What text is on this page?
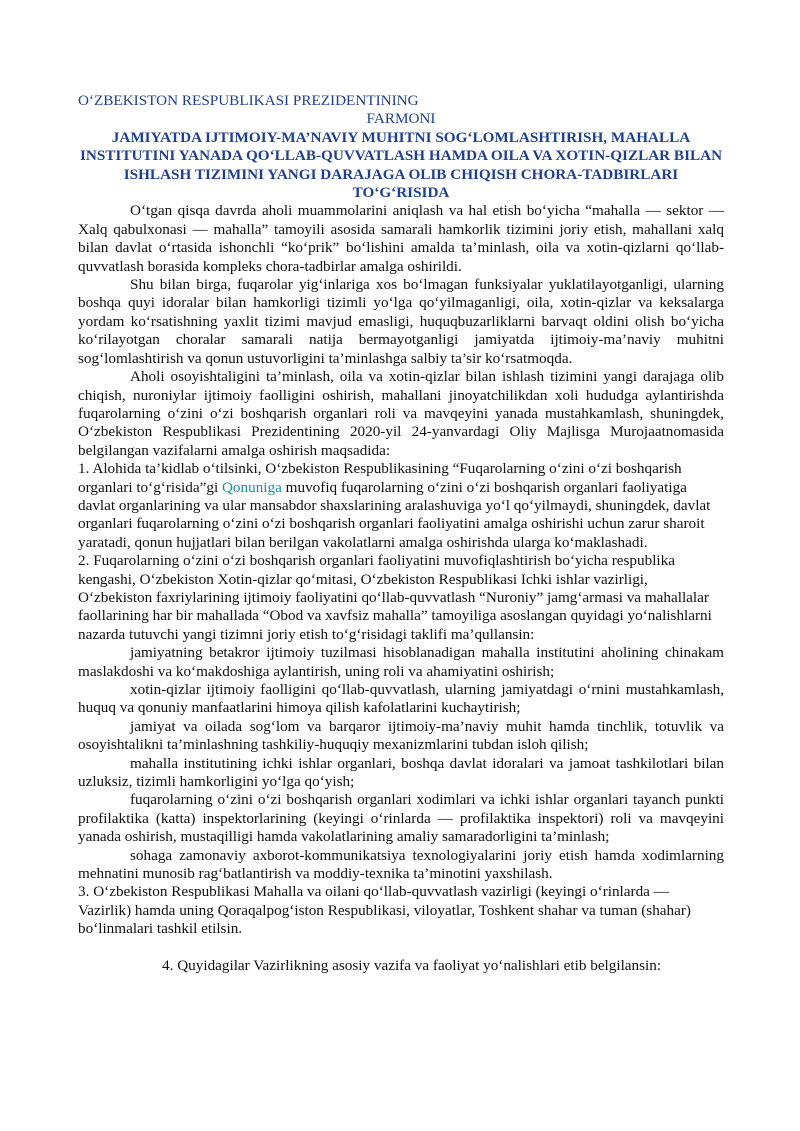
O‘ZBEKISTON RESPUBLIKASI PREZIDENTINING
FARMONI
JAMIYATDA IJTIMOIY-MA’NAVIY MUHITNI SOG‘LOMLASHTIRISH, MAHALLA INSTITUTINI YANADA QO‘LLAB-QUVVATLASH HAMDA OILA VA XOTIN-QIZLAR BILAN ISHLASH TIZIMINI YANGI DARAJAGA OLIB CHIQISH CHORA-TADBIRLARI TO‘G‘RISIDA

O‘tgan qisqa davrda aholi muammolarini aniqlash va hal etish bo‘yicha “mahalla — sektor — Xalq qabulxonasi — mahalla” tamoyili asosida samarali hamkorlik tizimini joriy etish, mahallani xalq bilan davlat o‘rtasida ishonchli “ko‘prik” bo‘lishini amalda ta’minlash, oila va xotin-qizlarni qo‘llab-quvvatlash borasida kompleks chora-tadbirlar amalga oshirildi.

Shu bilan birga, fuqarolar yig‘inlariga xos bo‘lmagan funksiyalar yuklatilayotganligi, ularning boshqa quyi idoralar bilan hamkorligi tizimli yo‘lga qo‘yilmaganligi, oila, xotin-qizlar va keksalarga yordam ko‘rsatishning yaxlit tizimi mavjud emasligi, huquqbuzarliklarni barvaqt oldini olish bo‘yicha ko‘rilayotgan choralar samarali natija bermayotganligi jamiyatda ijtimoiy-ma’naviy muhitni sog‘lomlashtirish va qonun ustuvorligini ta’minlashga salbiy ta’sir ko‘rsatmoqda.

Aholi osoyishtaligini ta’minlash, oila va xotin-qizlar bilan ishlash tizimini yangi darajaga olib chiqish, nuroniylar ijtimoiy faolligini oshirish, mahallani jinoyatchilikdan xoli hududga aylantirishda fuqarolarning o‘zini o‘zi boshqarish organlari roli va mavqeyini yanada mustahkamlash, shuningdek, O‘zbekiston Respublikasi Prezidentining 2020-yil 24-yanvardagi Oliy Majlisga Murojaatnomasida belgilangan vazifalarni amalga oshirish maqsadida:

1. Alohida ta’kidlab o‘tilsinki, O‘zbekiston Respublikasining “Fuqarolarning o‘zini o‘zi boshqarish organlari to‘g‘risida”gi Qonuniga muvofiq fuqarolarning o‘zini o‘zi boshqarish organlari faoliyatiga davlat organlarining va ular mansabdor shaxslarining aralashuviga yo‘l qo‘yilmaydi, shuningdek, davlat organlari fuqarolarning o‘zini o‘zi boshqarish organlari faoliyatini amalga oshirishi uchun zarur sharoit yaratadi, qonun hujjatlari bilan berilgan vakolatlarni amalga oshirishda ularga ko‘maklashadi.

2. Fuqarolarning o‘zini o‘zi boshqarish organlari faoliyatini muvofiqlashtirish bo‘yicha respublika kengashi, O‘zbekiston Xotin-qizlar qo‘mitasi, O‘zbekiston Respublikasi Ichki ishlar vazirligi, O‘zbekiston faxriylarining ijtimoiy faoliyatini qo‘llab-quvvatlash “Nuroniy” jamg‘armasi va mahallalar faollarining har bir mahallada “Obod va xavfsiz mahalla” tamoyiliga asoslangan quyidagi yo‘nalishlarni nazarda tutuvchi yangi tizimni joriy etish to‘g‘risidagi taklifi ma’qullansin:

jamiyatning betakror ijtimoiy tuzilmasi hisoblanadigan mahalla institutini aholining chinakam maslakdoshi va ko‘makdoshiga aylantirish, uning roli va ahamiyatini oshirish;

xotin-qizlar ijtimoiy faolligini qo‘llab-quvvatlash, ularning jamiyatdagi o‘rnini mustahkamlash, huquq va qonuniy manfaatlarini himoya qilish kafolatlarini kuchaytirish;

jamiyat va oilada sog‘lom va barqaror ijtimoiy-ma’naviy muhit hamda tinchlik, totuvlik va osoyishtalikni ta’minlashning tashkiliy-huquqiy mexanizmlarini tubdan isloh qilish;

mahalla institutining ichki ishlar organlari, boshqa davlat idoralari va jamoat tashkilotlari bilan uzluksiz, tizimli hamkorligini yo‘lga qo‘yish;

fuqarolarning o‘zini o‘zi boshqarish organlari xodimlari va ichki ishlar organlari tayanch punkti profilaktika (katta) inspektorlarining (keyingi o‘rinlarda — profilaktika inspektori) roli va mavqeyini yanada oshirish, mustaqilligi hamda vakolatlarining amaliy samaradorligini ta’minlash;

sohaga zamonaviy axborot-kommunikatsiya texnologiyalarini joriy etish hamda xodimlarning mehnatini munosib rag‘batlantirish va moddiy-texnika ta’minotini yaxshilash.

3. O‘zbekiston Respublikasi Mahalla va oilani qo‘llab-quvvatlash vazirligi (keyingi o‘rinlarda — Vazirlik) hamda uning Qoraqalpog‘iston Respublikasi, viloyatlar, Toshkent shahar va tuman (shahar) bo‘linmalari tashkil etilsin.

4. Quyidagilar Vazirlikning asosiy vazifa va faoliyat yo‘nalishlari etib belgilansin:
